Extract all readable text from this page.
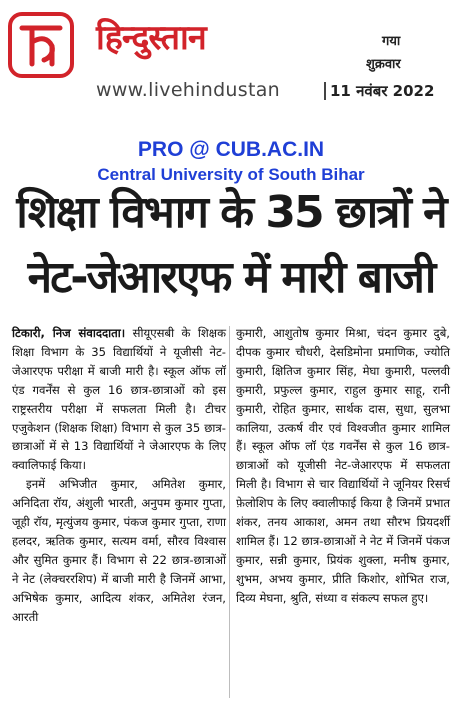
हिन्दुस्तान
www.livehindustan
गया
शुक्रवार
11 नवंबर 2022
PRO @ CUB.AC.IN
Central University of South Bihar
शिक्षा विभाग के 35 छात्रों ने
नेट-जेआरएफ में मारी बाजी

टिकारी, निज संवाददाता। सीयूएसबी के शिक्षक शिक्षा विभाग के 35 विद्यार्थियों ने यूजीसी नेट-जेआरएफ परीक्षा में बाजी मारी है। स्कूल ऑफ लॉ एंड गवर्नेंस से कुल 16 छात्र-छात्राओं को इस राष्ट्रस्तरीय परीक्षा में सफलता मिली है। टीचर एजुकेशन (शिक्षक शिक्षा) विभाग से कुल 35 छात्र-छात्राओं में से 13 विद्यार्थियों ने जेआरएफ के लिए क्वालिफाई किया।

इनमें अभिजीत कुमार, अमितेश कुमार, अनिदिता रॉय, अंशुली भारती, अनुपम कुमार गुप्ता, जूही रॉय, मृत्युंजय कुमार, पंकज कुमार गुप्ता, राणा हलदर, ऋतिक कुमार, सत्यम वर्मा, सौरव विश्वास और सुमित कुमार हैं। विभाग से 22 छात्र-छात्राओं ने नेट (लेक्चररशिप) में बाजी मारी है जिनमें आभा, अभिषेक कुमार, आदित्य शंकर, अमितेश रंजन, आरती

कुमारी, आशुतोष कुमार मिश्रा, चंदन कुमार दुबे, दीपक कुमार चौधरी, देसडिमोना प्रमाणिक, ज्योति कुमारी, क्षितिज कुमार सिंह, मेघा कुमारी, पल्लवी कुमारी, प्रफुल्ल कुमार, राहुल कुमार साहू, रानी कुमारी, रोहित कुमार, सार्थक दास, सुधा, सुलभा कालिया, उत्कर्ष वीर एवं विश्वजीत कुमार शामिल हैं। स्कूल ऑफ लॉ एंड गवर्नेंस से कुल 16 छात्र-छात्राओं को यूजीसी नेट-जेआरएफ में सफलता मिली है। विभाग से चार विद्यार्थियों ने जूनियर रिसर्च फ़ेलोशिप के लिए क्वालीफाई किया है जिनमें प्रभात शंकर, तनय आकाश, अमन तथा सौरभ प्रियदर्शी शामिल हैं। 12 छात्र-छात्राओं ने नेट में जिनमें पंकज कुमार, सन्नी कुमार, प्रियंक शुक्ला, मनीष कुमार, शुभम, अभय कुमार, प्रीति किशोर, शोभित राज, दिव्य मेघना, श्रुति, संध्या व संकल्प सफल हुए।
